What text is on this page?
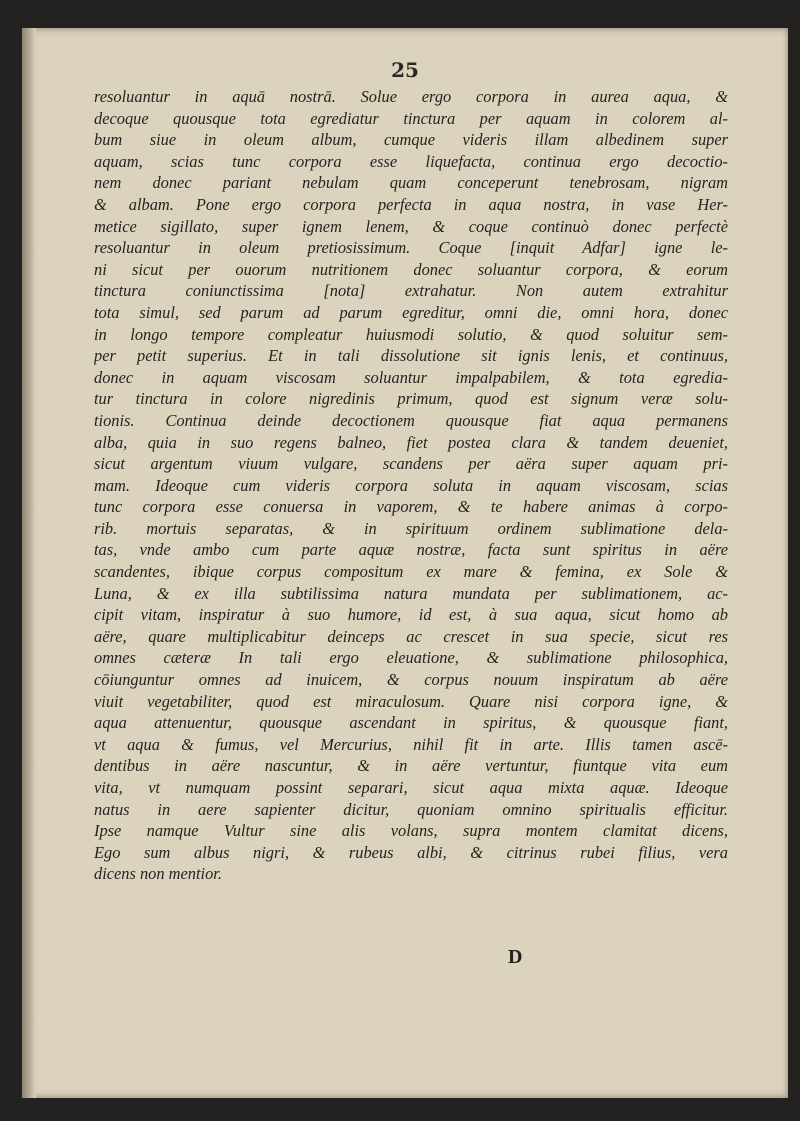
25
resoluantur in aquā nostrā. Solue ergo corpora in aurea aqua, &
decoque quousque tota egrediatur tinctura per aquam in colorem al-
bum siue in oleum album, cumque videris illam albedinem super
aquam, scias tunc corpora esse liquefacta, continua ergo decoctio-
nem donec pariant nebulam quam conceperunt tenebrosam, nigram
& albam. Pone ergo corpora perfecta in aqua nostra, in vase Her-
metice sigillato, super ignem lenem, & coque continuò donec perfectè
resoluantur in oleum pretiosissimum. Coque [inquit Adfar] igne le-
ni sicut per ouorum nutritionem donec soluantur corpora, & eorum
tinctura coniunctissima [nota] extrahatur. Non autem extrahitur
tota simul, sed parum ad parum egreditur, omni die, omni hora, donec
in longo tempore compleatur huiusmodi solutio, & quod soluitur sem-
per petit superius. Et in tali dissolutione sit ignis lenis, et continuus,
donec in aquam viscosam soluantur impalpabilem, & tota egredia-
tur tinctura in colore nigredinis primum, quod est signum veræ solu-
tionis. Continua deinde decoctionem quousque fiat aqua permanens
alba, quia in suo regens balneo, fiet postea clara & tandem deueniet,
sicut argentum viuum vulgare, scandens per aëra super aquam pri-
mam. Ideoque cum videris corpora soluta in aquam viscosam, scias
tunc corpora esse conuersa in vaporem, & te habere animas à corpo-
rib. mortuis separatas, & in spirituum ordinem sublimatione dela-
tas, vnde ambo cum parte aquæ nostræ, facta sunt spiritus in aëre
scandentes, ibique corpus compositum ex mare & femina, ex Sole &
Luna, & ex illa subtilissima natura mundata per sublimationem, ac-
cipit vitam, inspiratur à suo humore, id est, à sua aqua, sicut homo ab
aëre, quare multiplicabitur deinceps ac crescet in sua specie, sicut res
omnes cæteræ In tali ergo eleuatione, & sublimatione philosophica,
cōiunguntur omnes ad inuicem, & corpus nouum inspiratum ab aëre
viuit vegetabiliter, quod est miraculosum. Quare nisi corpora igne, &
aqua attenuentur, quousque ascendant in spiritus, & quousque fiant,
vt aqua & fumus, vel Mercurius, nihil fit in arte. Illis tamen ascē-
dentibus in aëre nascuntur, & in aëre vertuntur, fiuntque vita eum
vita, vt numquam possint separari, sicut aqua mixta aquæ. Ideoque
natus in aere sapienter dicitur, quoniam omnino spiritualis efficitur.
Ipse namque Vultur sine alis volans, supra montem clamitat dicens,
Ego sum albus nigri, & rubeus albi, & citrinus rubei filius, vera
dicens non mentior.
D
